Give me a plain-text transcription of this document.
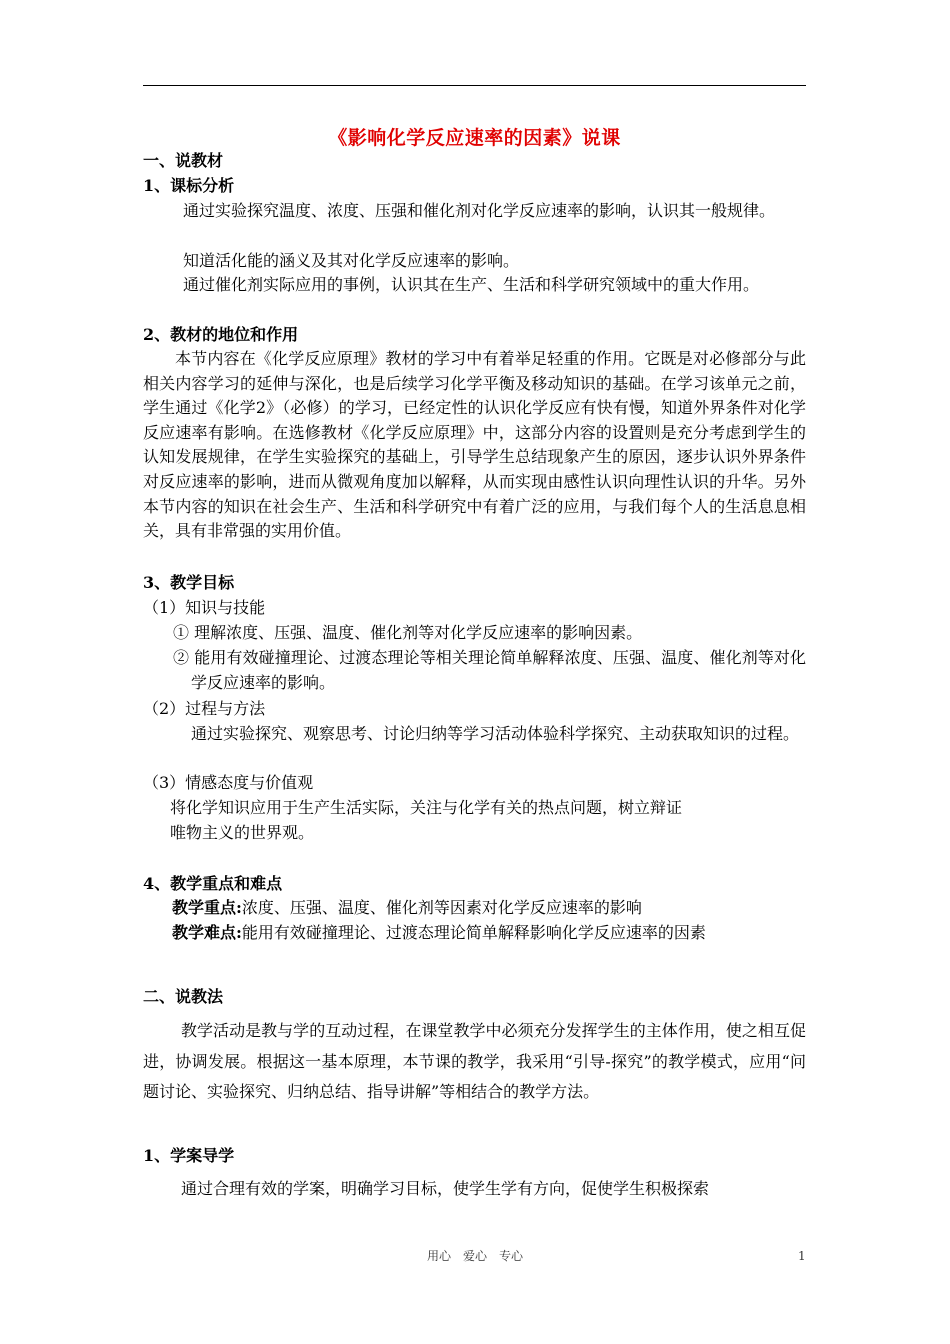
《影响化学反应速率的因素》说课
一、说教材
1、课标分析
通过实验探究温度、浓度、压强和催化剂对化学反应速率的影响，认识其一般规律。
知道活化能的涵义及其对化学反应速率的影响。
通过催化剂实际应用的事例，认识其在生产、生活和科学研究领域中的重大作用。
2、教材的地位和作用
本节内容在《化学反应原理》教材的学习中有着举足轻重的作用。它既是对必修部分与此相关内容学习的延伸与深化，也是后续学习化学平衡及移动知识的基础。在学习该单元之前，学生通过《化学2》（必修）的学习，已经定性的认识化学反应有快有慢，知道外界条件对化学反应速率有影响。在选修教材《化学反应原理》中，这部分内容的设置则是充分考虑到学生的认知发展规律，在学生实验探究的基础上，引导学生总结现象产生的原因，逐步认识外界条件对反应速率的影响，进而从微观角度加以解释，从而实现由感性认识向理性认识的升华。另外本节内容的知识在社会生产、生活和科学研究中有着广泛的应用，与我们每个人的生活息息相关，具有非常强的实用价值。
3、教学目标
（1）知识与技能
① 理解浓度、压强、温度、催化剂等对化学反应速率的影响因素。
② 能用有效碰撞理论、过渡态理论等相关理论简单解释浓度、压强、温度、催化剂等对化学反应速率的影响。
（2）过程与方法
通过实验探究、观察思考、讨论归纳等学习活动体验科学探究、主动获取知识的过程。
（3）情感态度与价值观
将化学知识应用于生产生活实际，关注与化学有关的热点问题，树立辩证
唯物主义的世界观。
4、教学重点和难点
教学重点:浓度、压强、温度、催化剂等因素对化学反应速率的影响
教学难点:能用有效碰撞理论、过渡态理论简单解释影响化学反应速率的因素
二、说教法
教学活动是教与学的互动过程，在课堂教学中必须充分发挥学生的主体作用，使之相互促进，协调发展。根据这一基本原理，本节课的教学，我采用“引导-探究”的教学模式，应用“问题讨论、实验探究、归纳总结、指导讲解”等相结合的教学方法。
1、学案导学
通过合理有效的学案，明确学习目标，使学生学有方向，促使学生积极探索
用心　爱心　专心	1
